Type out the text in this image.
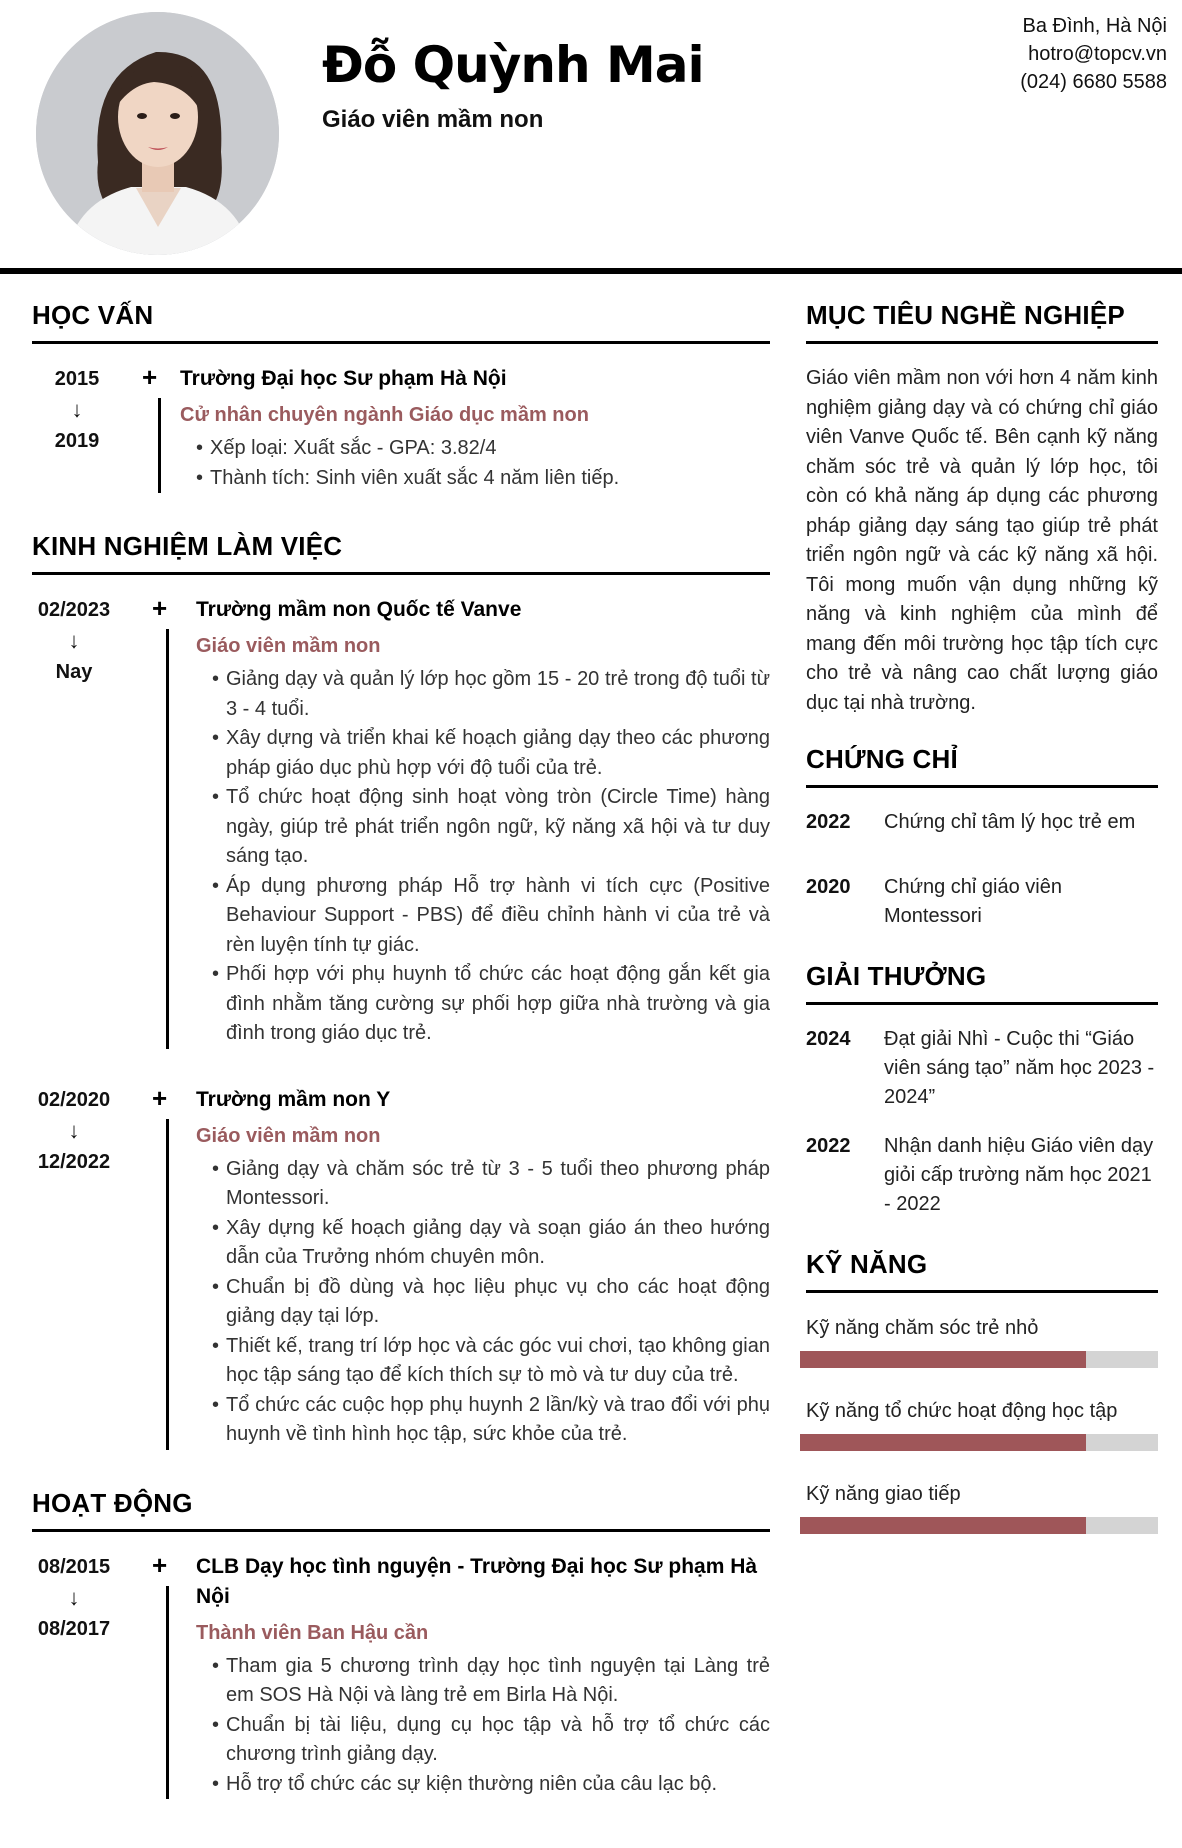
Đỗ Quỳnh Mai
Giáo viên mầm non
Ba Đình, Hà Nội
hotro@topcv.vn
(024) 6680 5588
HỌC VẤN
2015
↓
2019
+ Trường Đại học Sư phạm Hà Nội
Cử nhân chuyên ngành Giáo dục mầm non
• Xếp loại: Xuất sắc - GPA: 3.82/4
• Thành tích: Sinh viên xuất sắc 4 năm liên tiếp.
KINH NGHIỆM LÀM VIỆC
02/2023
↓
Nay
+ Trường mầm non Quốc tế Vanve
Giáo viên mầm non
• Giảng dạy và quản lý lớp học gồm 15 - 20 trẻ trong độ tuổi từ 3 - 4 tuổi.
• Xây dựng và triển khai kế hoạch giảng dạy theo các phương pháp giáo dục phù hợp với độ tuổi của trẻ.
• Tổ chức hoạt động sinh hoạt vòng tròn (Circle Time) hàng ngày, giúp trẻ phát triển ngôn ngữ, kỹ năng xã hội và tư duy sáng tạo.
• Áp dụng phương pháp Hỗ trợ hành vi tích cực (Positive Behaviour Support - PBS) để điều chỉnh hành vi của trẻ và rèn luyện tính tự giác.
• Phối hợp với phụ huynh tổ chức các hoạt động gắn kết gia đình nhằm tăng cường sự phối hợp giữa nhà trường và gia đình trong giáo dục trẻ.
02/2020
↓
12/2022
+ Trường mầm non Y
Giáo viên mầm non
• Giảng dạy và chăm sóc trẻ từ 3 - 5 tuổi theo phương pháp Montessori.
• Xây dựng kế hoạch giảng dạy và soạn giáo án theo hướng dẫn của Trưởng nhóm chuyên môn.
• Chuẩn bị đồ dùng và học liệu phục vụ cho các hoạt động giảng dạy tại lớp.
• Thiết kế, trang trí lớp học và các góc vui chơi, tạo không gian học tập sáng tạo để kích thích sự tò mò và tư duy của trẻ.
• Tổ chức các cuộc họp phụ huynh 2 lần/kỳ và trao đổi với phụ huynh về tình hình học tập, sức khỏe của trẻ.
HOẠT ĐỘNG
08/2015
↓
08/2017
+ CLB Dạy học tình nguyện - Trường Đại học Sư phạm Hà Nội
Thành viên Ban Hậu cần
• Tham gia 5 chương trình dạy học tình nguyện tại Làng trẻ em SOS Hà Nội và làng trẻ em Birla Hà Nội.
• Chuẩn bị tài liệu, dụng cụ học tập và hỗ trợ tổ chức các chương trình giảng dạy.
• Hỗ trợ tổ chức các sự kiện thường niên của câu lạc bộ.
MỤC TIÊU NGHỀ NGHIỆP
Giáo viên mầm non với hơn 4 năm kinh nghiệm giảng dạy và có chứng chỉ giáo viên Vanve Quốc tế. Bên cạnh kỹ năng chăm sóc trẻ và quản lý lớp học, tôi còn có khả năng áp dụng các phương pháp giảng dạy sáng tạo giúp trẻ phát triển ngôn ngữ và các kỹ năng xã hội. Tôi mong muốn vận dụng những kỹ năng và kinh nghiệm của mình để mang đến môi trường học tập tích cực cho trẻ và nâng cao chất lượng giáo dục tại nhà trường.
CHỨNG CHỈ
2022	Chứng chỉ tâm lý học trẻ em
2020	Chứng chỉ giáo viên Montessori
GIẢI THƯỞNG
2024	Đạt giải Nhì - Cuộc thi “Giáo viên sáng tạo” năm học 2023 - 2024”
2022	Nhận danh hiệu Giáo viên dạy giỏi cấp trường năm học 2021 - 2022
KỸ NĂNG
Kỹ năng chăm sóc trẻ nhỏ
Kỹ năng tổ chức hoạt động học tập
Kỹ năng giao tiếp
